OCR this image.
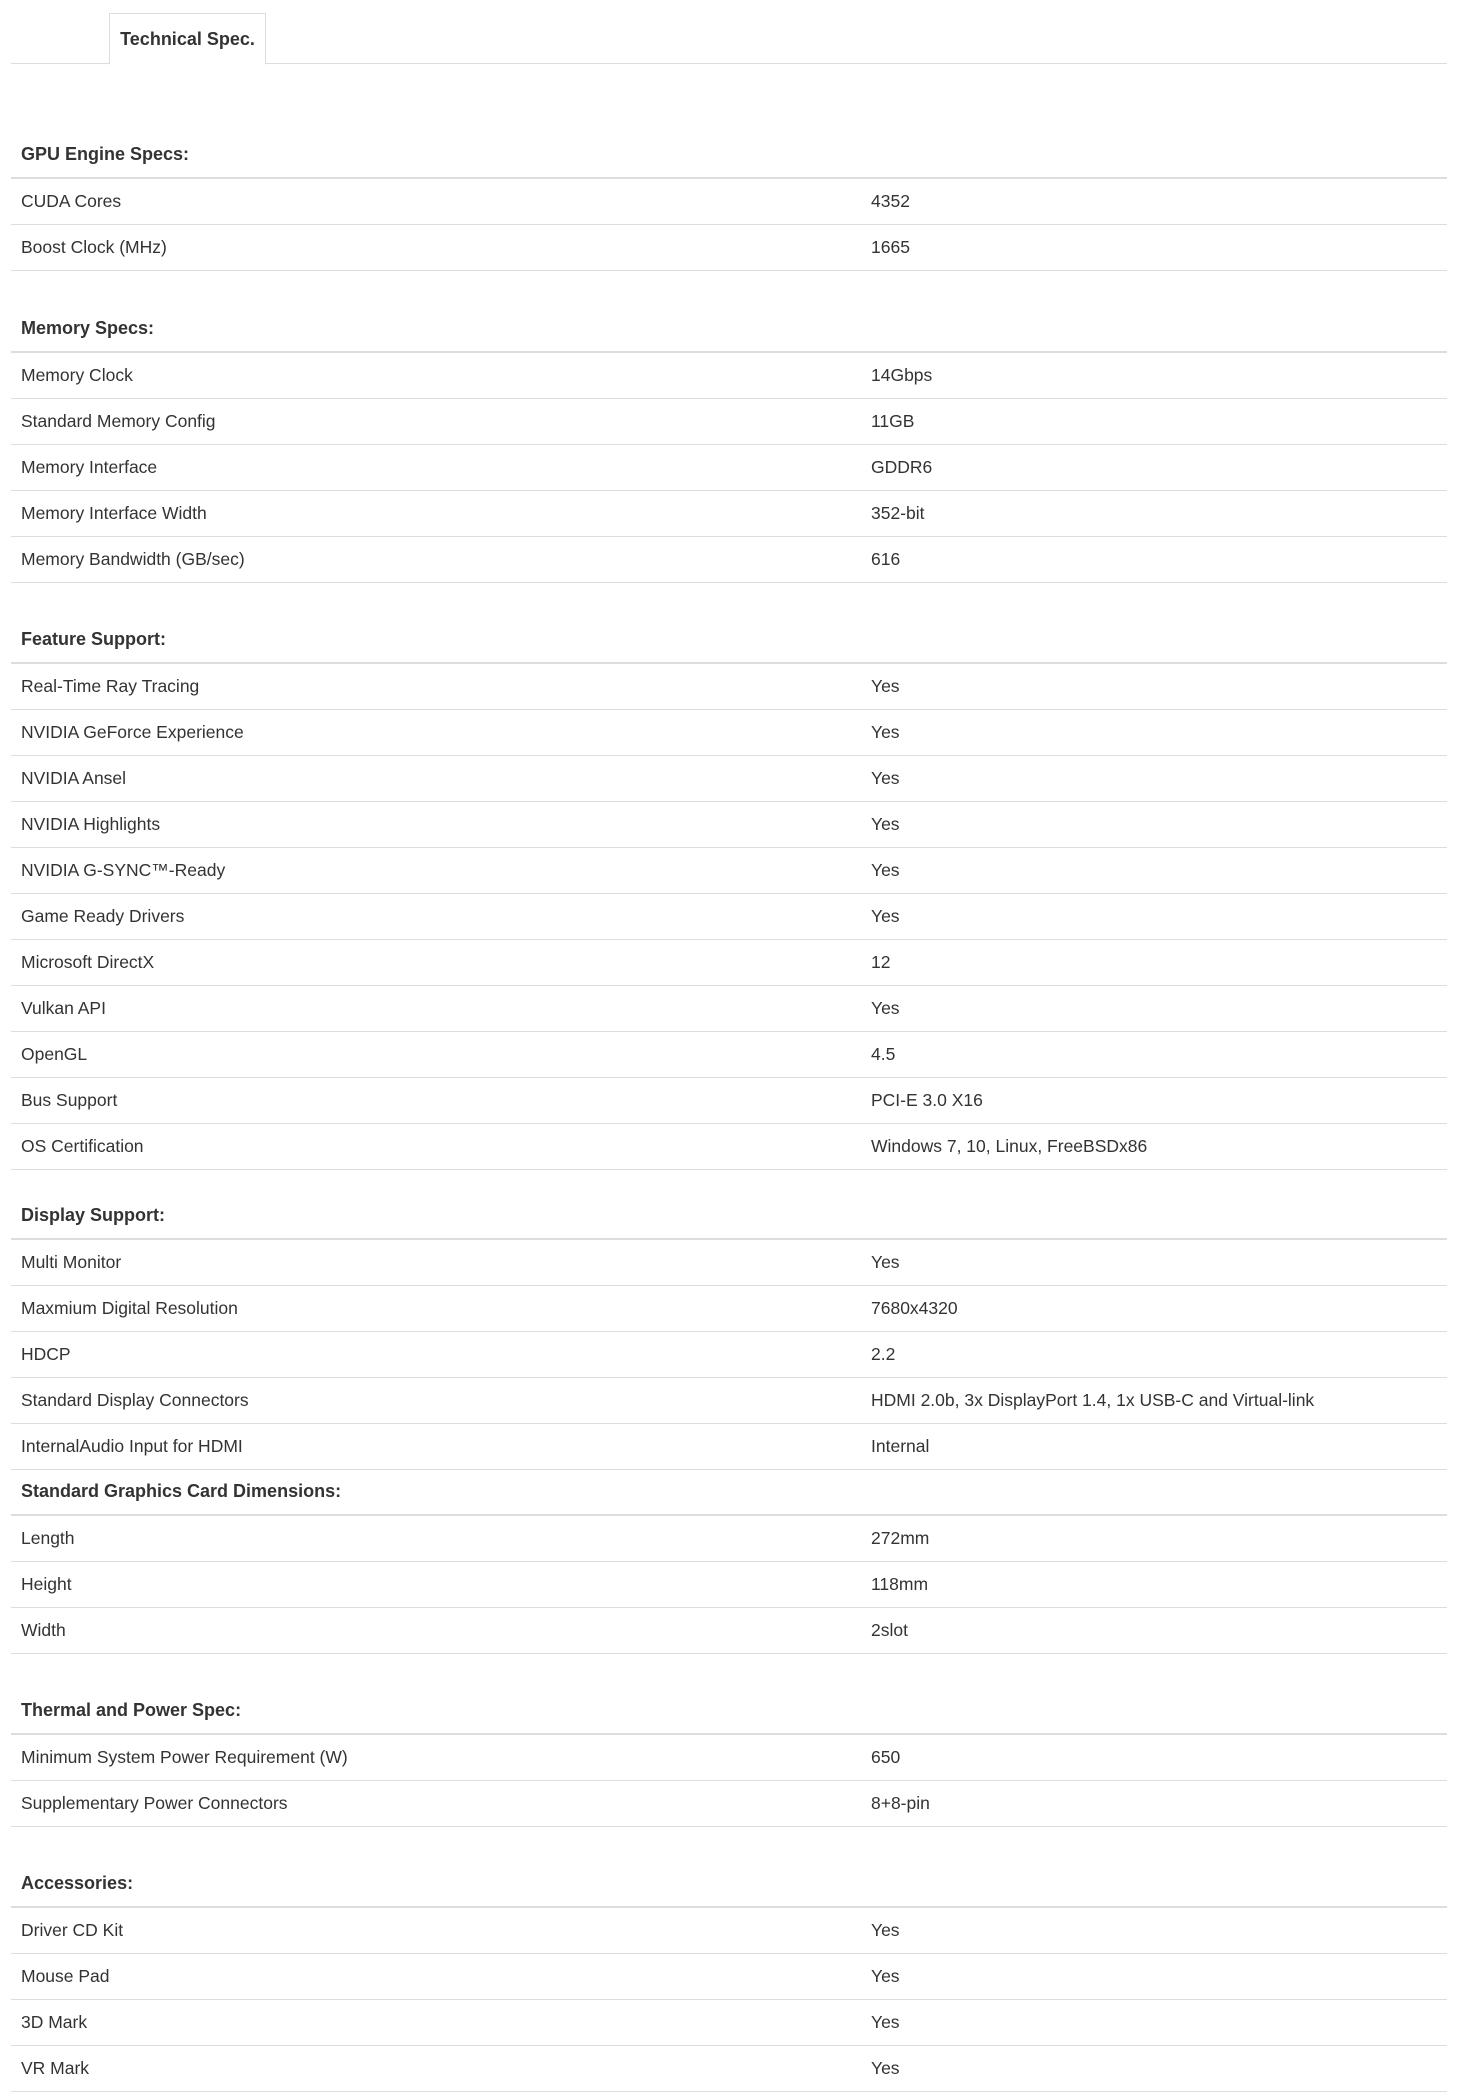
Technical Spec.
GPU Engine Specs:
CUDA Cores	4352
Boost Clock (MHz)	1665
Memory Specs:
Memory Clock	14Gbps
Standard Memory Config	11GB
Memory Interface	GDDR6
Memory Interface Width	352-bit
Memory Bandwidth (GB/sec)	616
Feature Support:
Real-Time Ray Tracing	Yes
NVIDIA GeForce Experience	Yes
NVIDIA Ansel	Yes
NVIDIA Highlights	Yes
NVIDIA G-SYNC™-Ready	Yes
Game Ready Drivers	Yes
Microsoft DirectX	12
Vulkan API	Yes
OpenGL	4.5
Bus Support	PCI-E 3.0 X16
OS Certification	Windows 7, 10, Linux, FreeBSDx86
Display Support:
Multi Monitor	Yes
Maxmium Digital Resolution	7680x4320
HDCP	2.2
Standard Display Connectors	HDMI 2.0b, 3x DisplayPort 1.4, 1x USB-C and Virtual-link
InternalAudio Input for HDMI	Internal
Standard Graphics Card Dimensions:
Length	272mm
Height	118mm
Width	2slot
Thermal and Power Spec:
Minimum System Power Requirement (W)	650
Supplementary Power Connectors	8+8-pin
Accessories:
Driver CD Kit	Yes
Mouse Pad	Yes
3D Mark	Yes
VR Mark	Yes
